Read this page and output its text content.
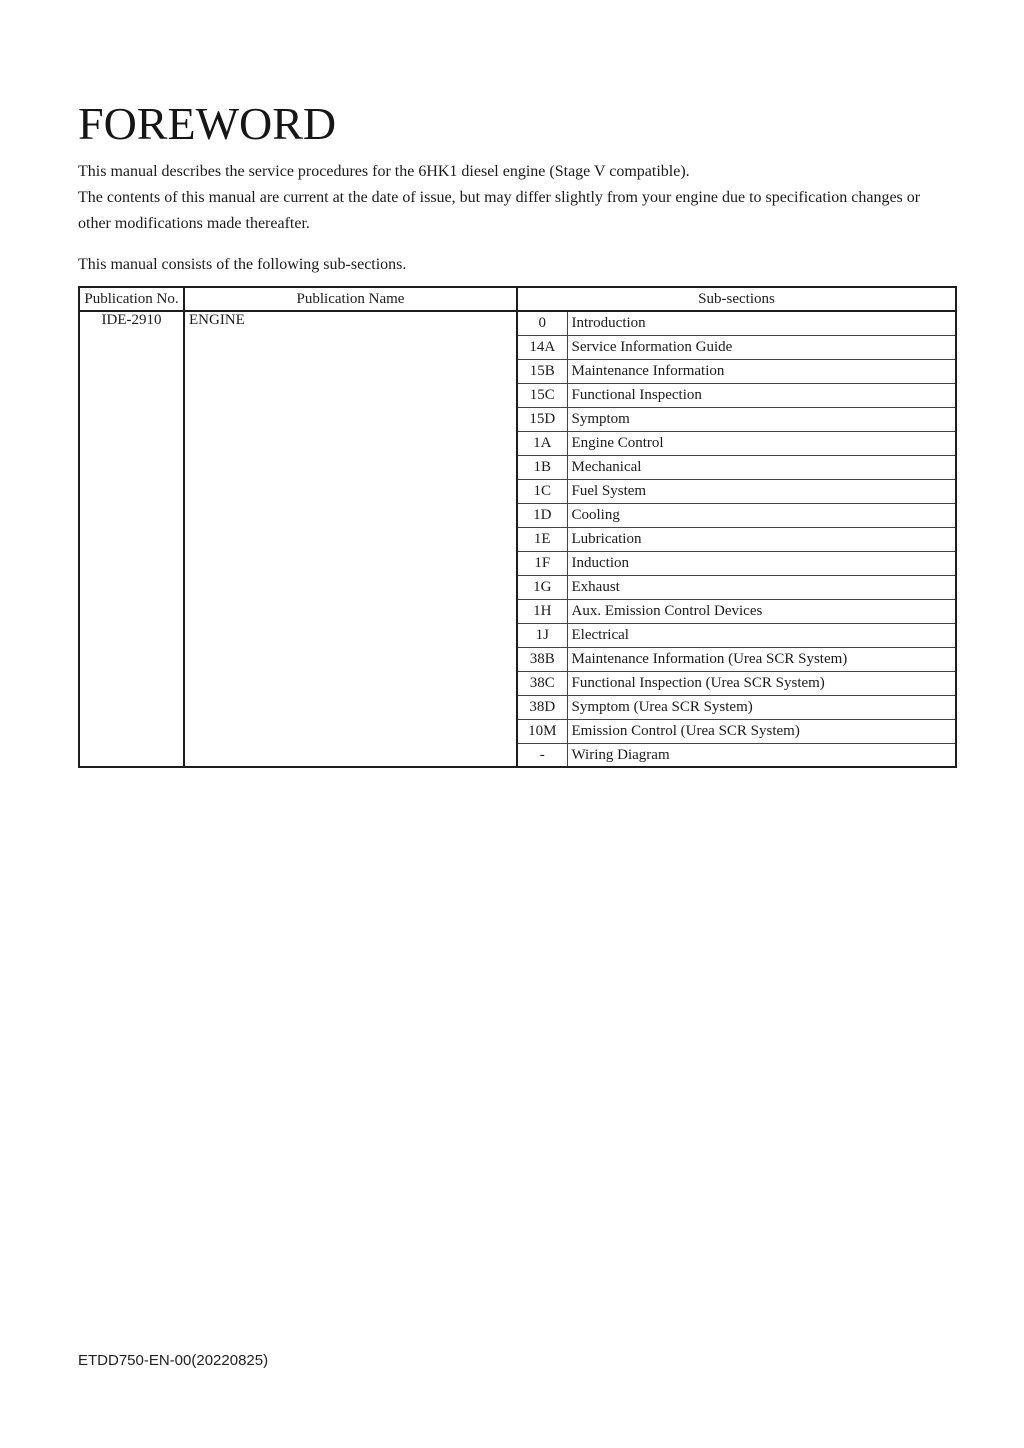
FOREWORD

This manual describes the service procedures for the 6HK1 diesel engine (Stage V compatible).

The contents of this manual are current at the date of issue, but may differ slightly from your engine due to specification changes or other modifications made thereafter.

This manual consists of the following sub-sections.

Publication No.	Publication Name	Sub-sections	
IDE-2910	ENGINE	0	Introduction
		14A	Service Information Guide
		15B	Maintenance Information
		15C	Functional Inspection
		15D	Symptom
		1A	Engine Control
		1B	Mechanical
		1C	Fuel System
		1D	Cooling
		1E	Lubrication
		1F	Induction
		1G	Exhaust
		1H	Aux. Emission Control Devices
		1J	Electrical
		38B	Maintenance Information (Urea SCR System)
		38C	Functional Inspection (Urea SCR System)
		38D	Symptom (Urea SCR System)
		10M	Emission Control (Urea SCR System)
		-	Wiring Diagram
ETDD750-EN-00(20220825)
